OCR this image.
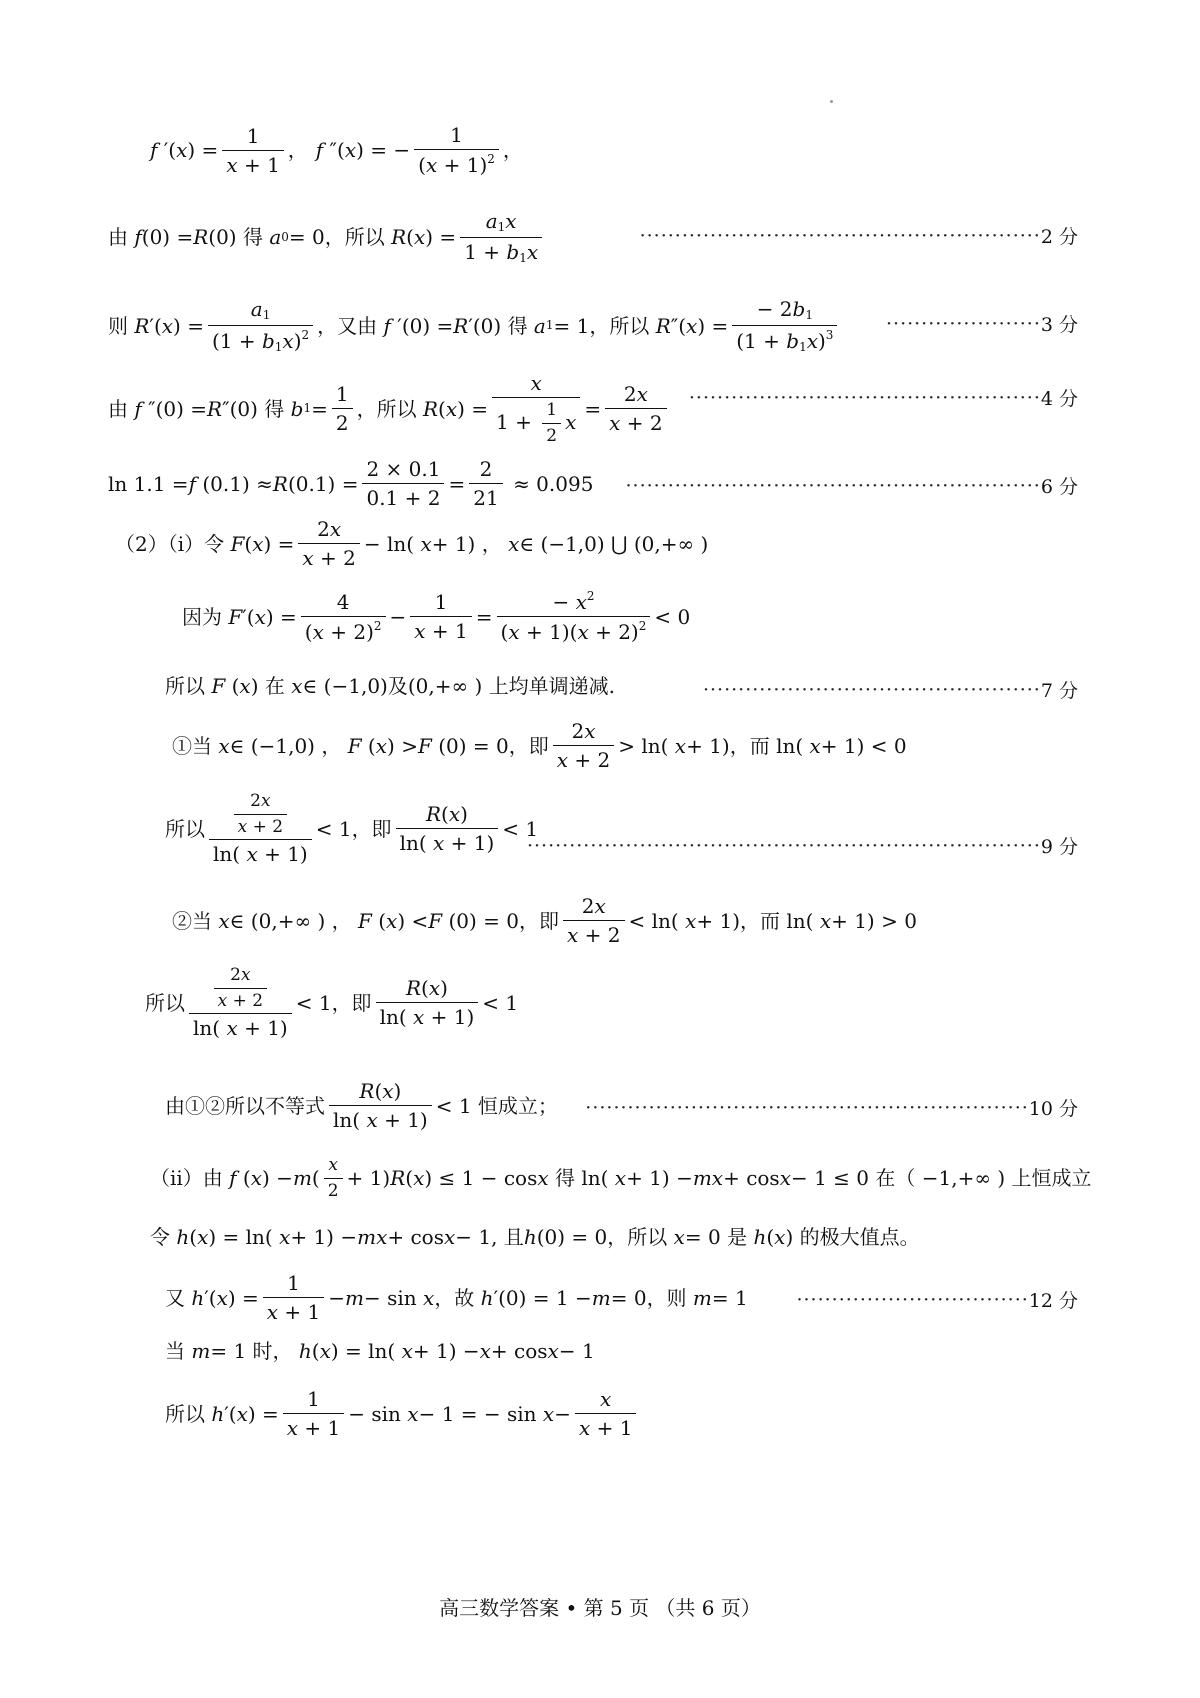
f ′( x ) = $\frac{1}{x + 1}$ ， f ″( x ) = − $\frac{1}{(x + 1)^2}$ ，
由
f (0) = R (0) 得
a 0 = 0 ，所以
R ( x ) = $\frac{a_1x}{1 + b_1x}$	························································· 2 分
则
R ′( x ) = $\frac{a_1}{(1 + b_1x)^2}$ ，又由
f ′(0) = R ′(0) 得
a 1 = 1 ，所以
R ″( x ) = $\frac{- 2b_1}{(1 + b_1x)^3}$	······················ 3 分
由
f ″(0) = R ″(0) 得
b $1 = \frac{1}{2}$ ，所以
R ( x ) = $\frac{x}{1 + \frac{1}{2} x} = \frac{2x}{x + 2}$ ·················································· 4 分
ln 1.1 = f (0.1) ≈ R $(0.1) = \frac{2 \times 0.1}{0.1 + 2} = \frac{2}{21}$
≈ 0.095 ··························································· 6 分
（2）（i）令
F ( x ) = $\frac{2x}{x + 2} - \ln$( x + 1) ， x ∈ (−1,0) ⋃ (0,+∞ )
因为
F ′( x ) = $\frac{4}{(x + 2)^2} - \frac{1}{x + 1} = \frac{- x^2}{(x + 1)(x + 2)^2} < 0$
所以
F ( x ) 在
x ∈ (−1,0) 及 (0,+∞ ) 上均单调递减.	················································ 7 分
①当
x ∈ (−1,0) ， F ( x ) > F (0) = 0 ，即 $\frac{2x}{x + 2} > \ln$( x + 1) ，而 ln( x + 1) < 0
所以 $\frac{\frac{2x}{x + 2}}{\ln( x + 1)} < 1$ ，即 $\frac{R(x)}{\ln( x + 1)} < 1$
········································································· 9 分
②当
x ∈ (0,+∞ ) ， F ( x ) < F (0) = 0 ，即 $\frac{2x}{x + 2} < \ln$( x + 1) ，而 ln( x + 1) > 0
所以 $\frac{\frac{2x}{x + 2}}{\ln( x + 1)} < 1$ ，即 $\frac{R(x)}{\ln( x + 1)} < 1$
由①②所以不等式 $\frac{R(x)}{\ln( x + 1)} < 1$ 恒成立； ······························································· 10 分
（ii）由
f ( x ) − m ( $\frac{x}{2} + 1$) R ( x ) ≤ 1 − cos x
得 ln( x + 1) − mx + cos x − 1 ≤ 0 在（ −1,+∞ ) 上恒成立
令
h ( x ) = ln( x + 1) − mx + cos x − 1, 且 h (0) = 0 ，所以
x = 0 是
h ( x ) 的极大值点。
又
h ′( x ) = $\frac{1}{x + 1} - m - \sin x$ ，故
h ′(0) = 1 − m = 0 ，则
m = 1	································· 12 分
当
m = 1 时，
h ( x ) = ln( x + 1) − x + cos x − 1
所以
h ′( x ) = $\frac{1}{x + 1} - \sin x - 1$ = − $\sin x - \frac{x}{x + 1}$
高三数学答案 • 第 5 页 （共 6 页）
